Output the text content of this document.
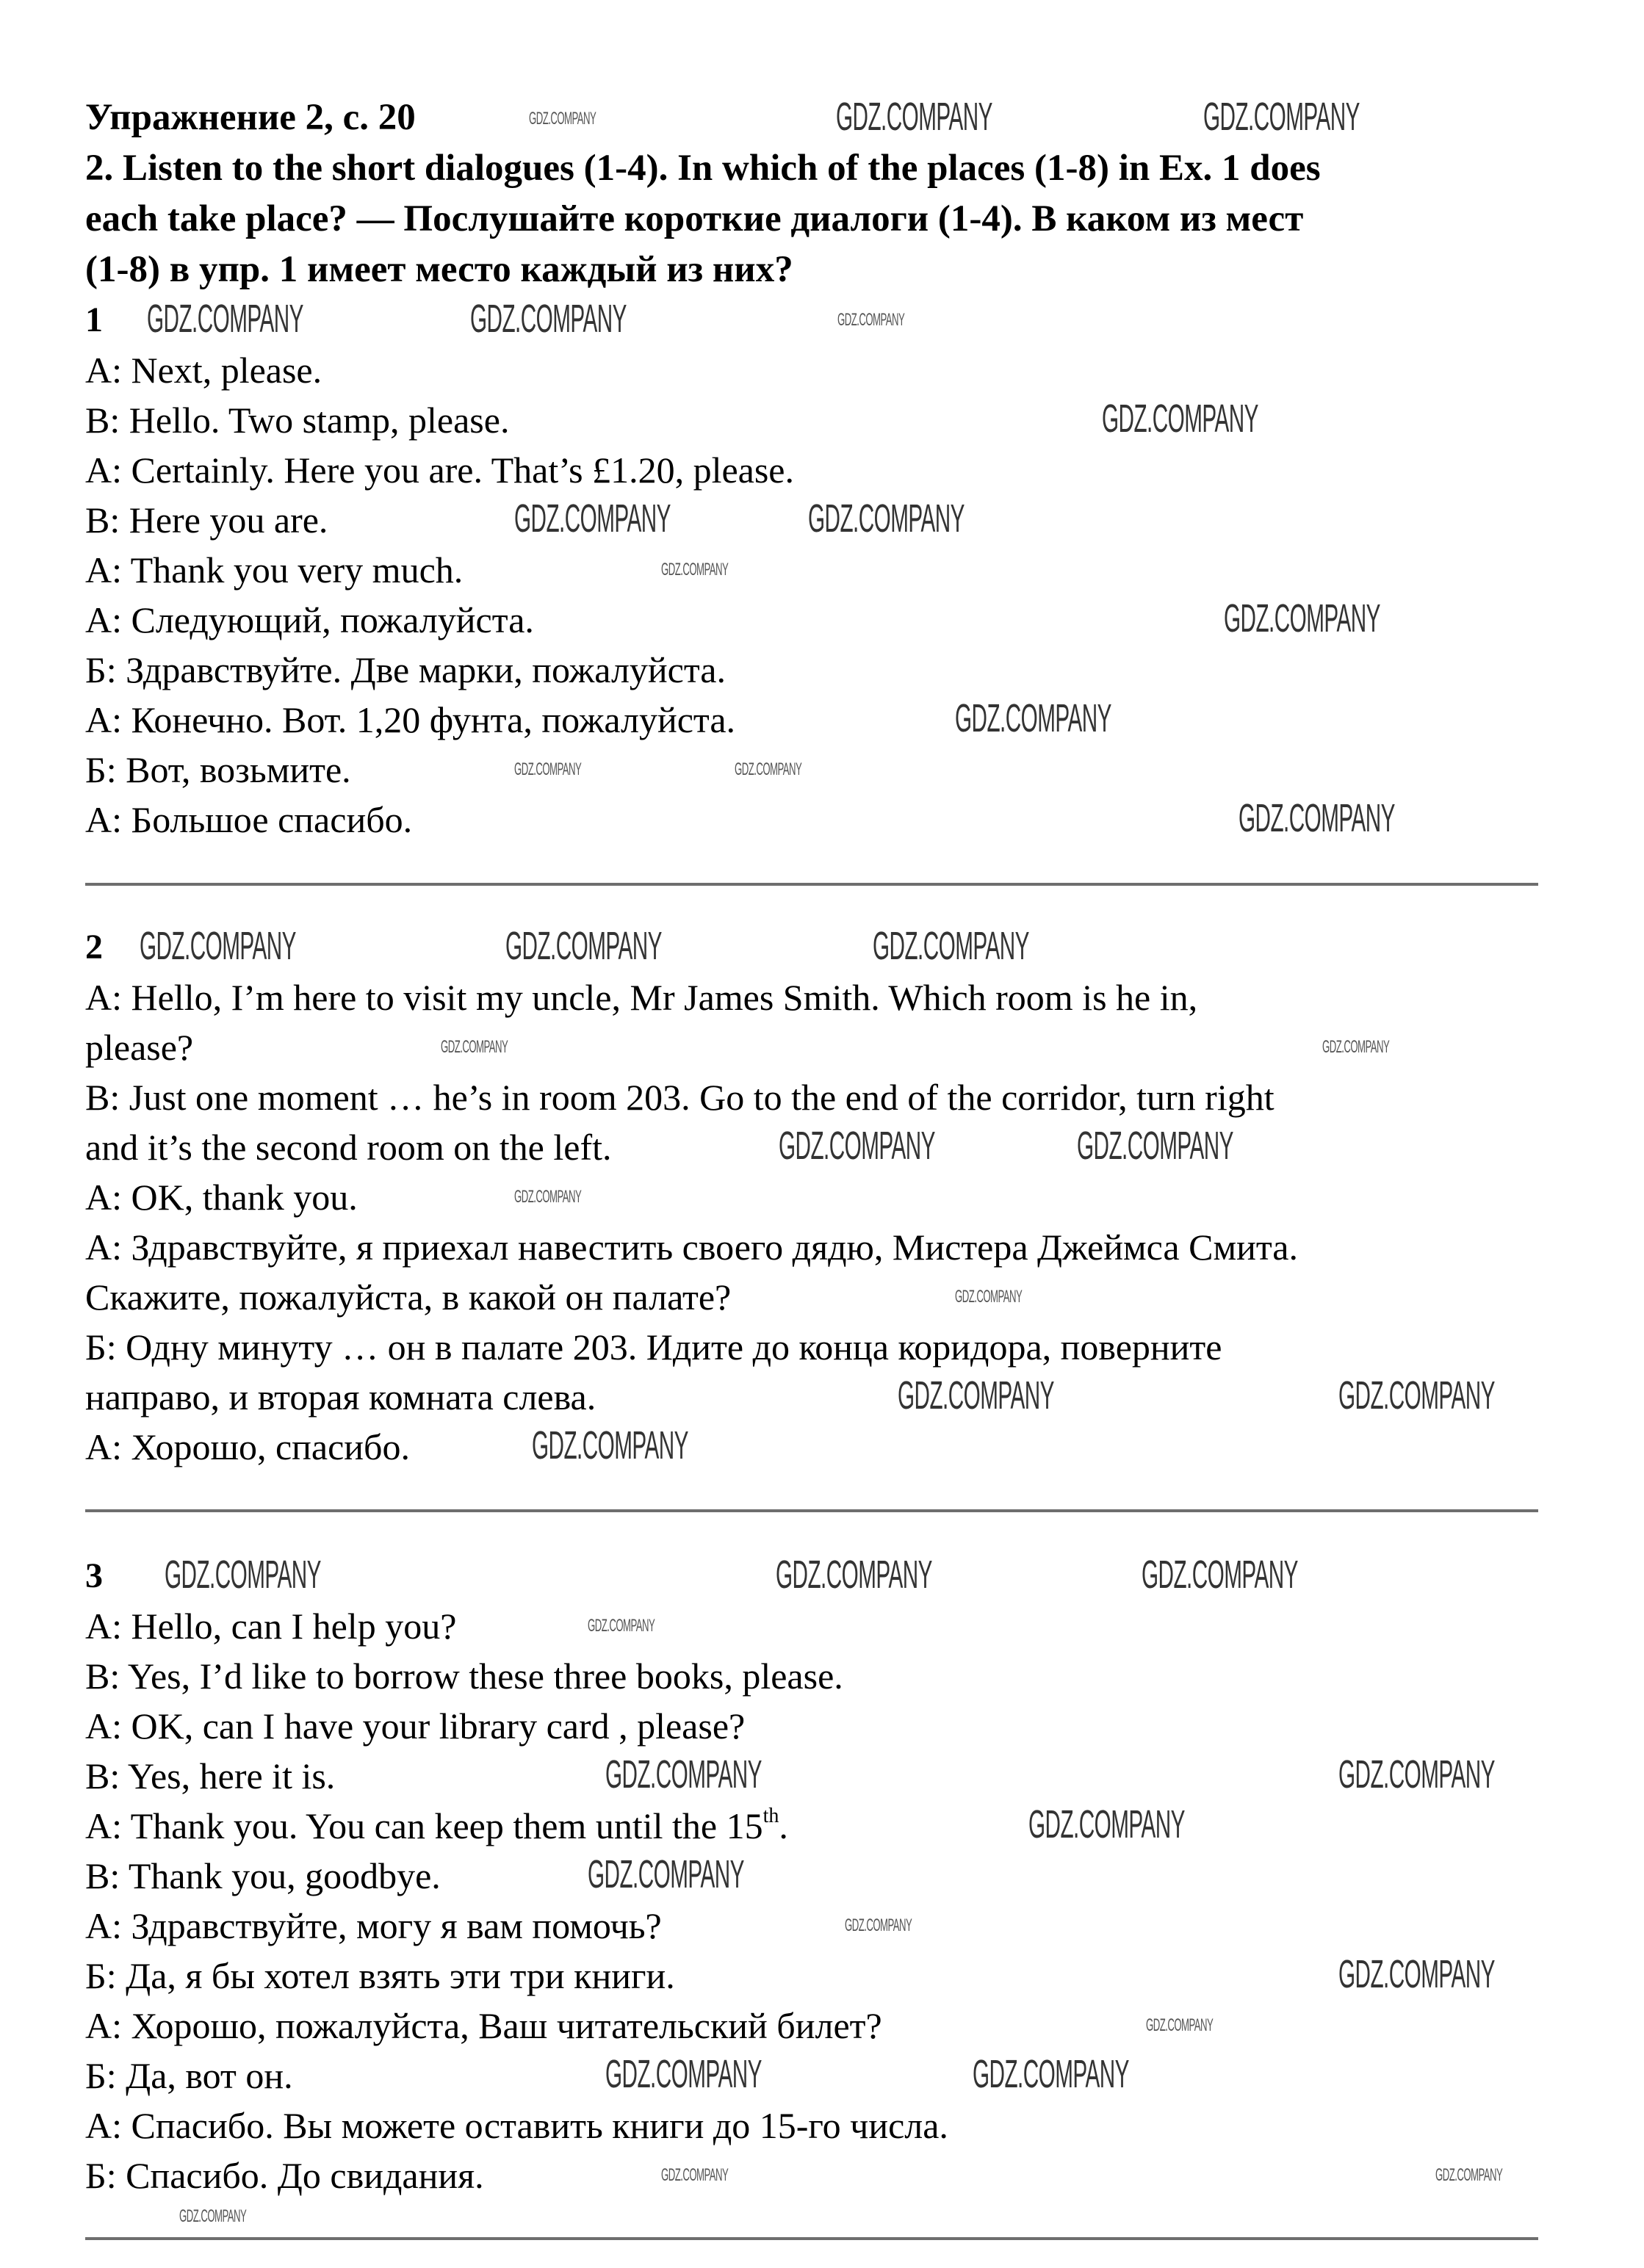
Упражнение 2, с. 20
2. Listen to the short dialogues (1-4). In which of the places (1-8) in Ex. 1 does
each take place? — Послушайте короткие диалоги (1-4). В каком из мест
(1-8) в упр. 1 имеет место каждый из них?
1
A: Next, please.
B: Hello. Two stamp, please.
A: Certainly. Here you are. That’s £1.20, please.
B: Here you are.
A: Thank you very much.
А: Следующий, пожалуйста.
Б: Здравствуйте. Две марки, пожалуйста.
А: Конечно. Вот. 1,20 фунта, пожалуйста.
Б: Вот, возьмите.
А: Большое спасибо.
2
A: Hello, I’m here to visit my uncle, Mr James Smith. Which room is he in,
please?
B: Just one moment … he’s in room 203. Go to the end of the corridor, turn right
and it’s the second room on the left.
A: OK, thank you.
А: Здравствуйте, я приехал навестить своего дядю, Мистера Джеймса Смита.
Скажите, пожалуйста, в какой он палате?
Б: Одну минуту … он в палате 203. Идите до конца коридора, поверните
направо, и вторая комната слева.
А: Хорошо, спасибо.
3
A: Hello, can I help you?
B: Yes, I’d like to borrow these three books, please.
A: OK, can I have your library card , please?
B: Yes, here it is.
A: Thank you. You can keep them until the 15th.
B: Thank you, goodbye.
А: Здравствуйте, могу я вам помочь?
Б: Да, я бы хотел взять эти три книги.
А: Хорошо, пожалуйста, Ваш читательский билет?
Б: Да, вот он.
А: Спасибо. Вы можете оставить книги до 15-го числа.
Б: Спасибо. До свидания.
GDZ.COMPANY	GDZ.COMPANY
GDZ.COMPANY
GDZ.COMPANY	GDZ.COMPANY	GDZ.COMPANY
GDZ.COMPANY
GDZ.COMPANY	GDZ.COMPANY
GDZ.COMPANY
GDZ.COMPANY
GDZ.COMPANY
GDZ.COMPANY	GDZ.COMPANY
GDZ.COMPANY
GDZ.COMPANY	GDZ.COMPANY	GDZ.COMPANY
GDZ.COMPANY	GDZ.COMPANY
GDZ.COMPANY	GDZ.COMPANY
GDZ.COMPANY
GDZ.COMPANY
GDZ.COMPANY	GDZ.COMPANY
GDZ.COMPANY
GDZ.COMPANY	GDZ.COMPANY	GDZ.COMPANY
GDZ.COMPANY
GDZ.COMPANY	GDZ.COMPANY
GDZ.COMPANY
GDZ.COMPANY
GDZ.COMPANY
GDZ.COMPANY
GDZ.COMPANY
GDZ.COMPANY	GDZ.COMPANY
GDZ.COMPANY	GDZ.COMPANY
GDZ.COMPANY
